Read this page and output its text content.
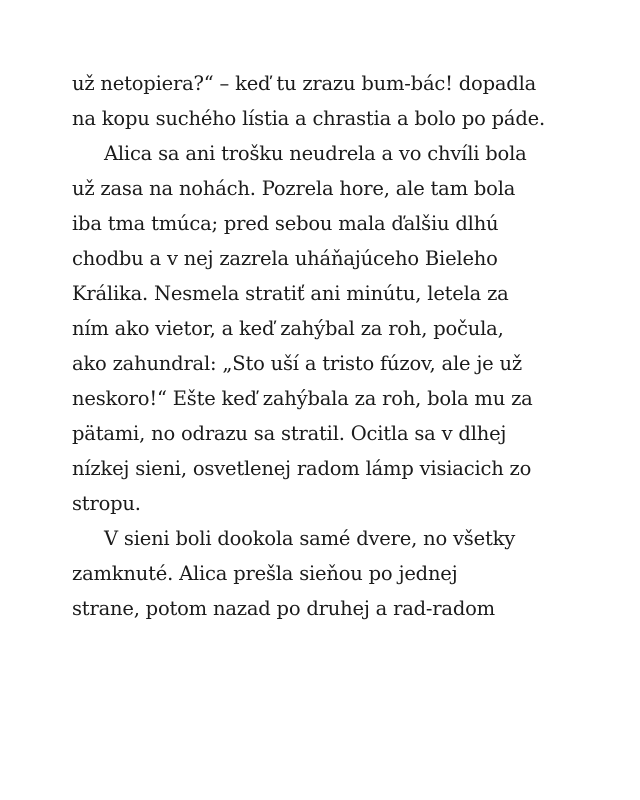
už netopiera?“ – keď tu zrazu bum-bác! dopadla
na kopu suchého lístia a chrastia a bolo po páde.
Alica sa ani trošku neudrela a vo chvíli bola
už zasa na nohách. Pozrela hore, ale tam bola
iba tma tmúca; pred sebou mala ďalšiu dlhú
chodbu a v nej zazrela uháňajúceho Bieleho
Králika. Nesmela stratiť ani minútu, letela za
ním ako vietor, a keď zahýbal za roh, počula,
ako zahundral: „Sto uší a tristo fúzov, ale je už
neskoro!“ Ešte keď zahýbala za roh, bola mu za
pätami, no odrazu sa stratil. Ocitla sa v dlhej
nízkej sieni, osvetlenej radom lámp visiacich zo
stropu.
V sieni boli dookola samé dvere, no všetky
zamknuté. Alica prešla sieňou po jednej
strane, potom nazad po druhej a rad-radom
